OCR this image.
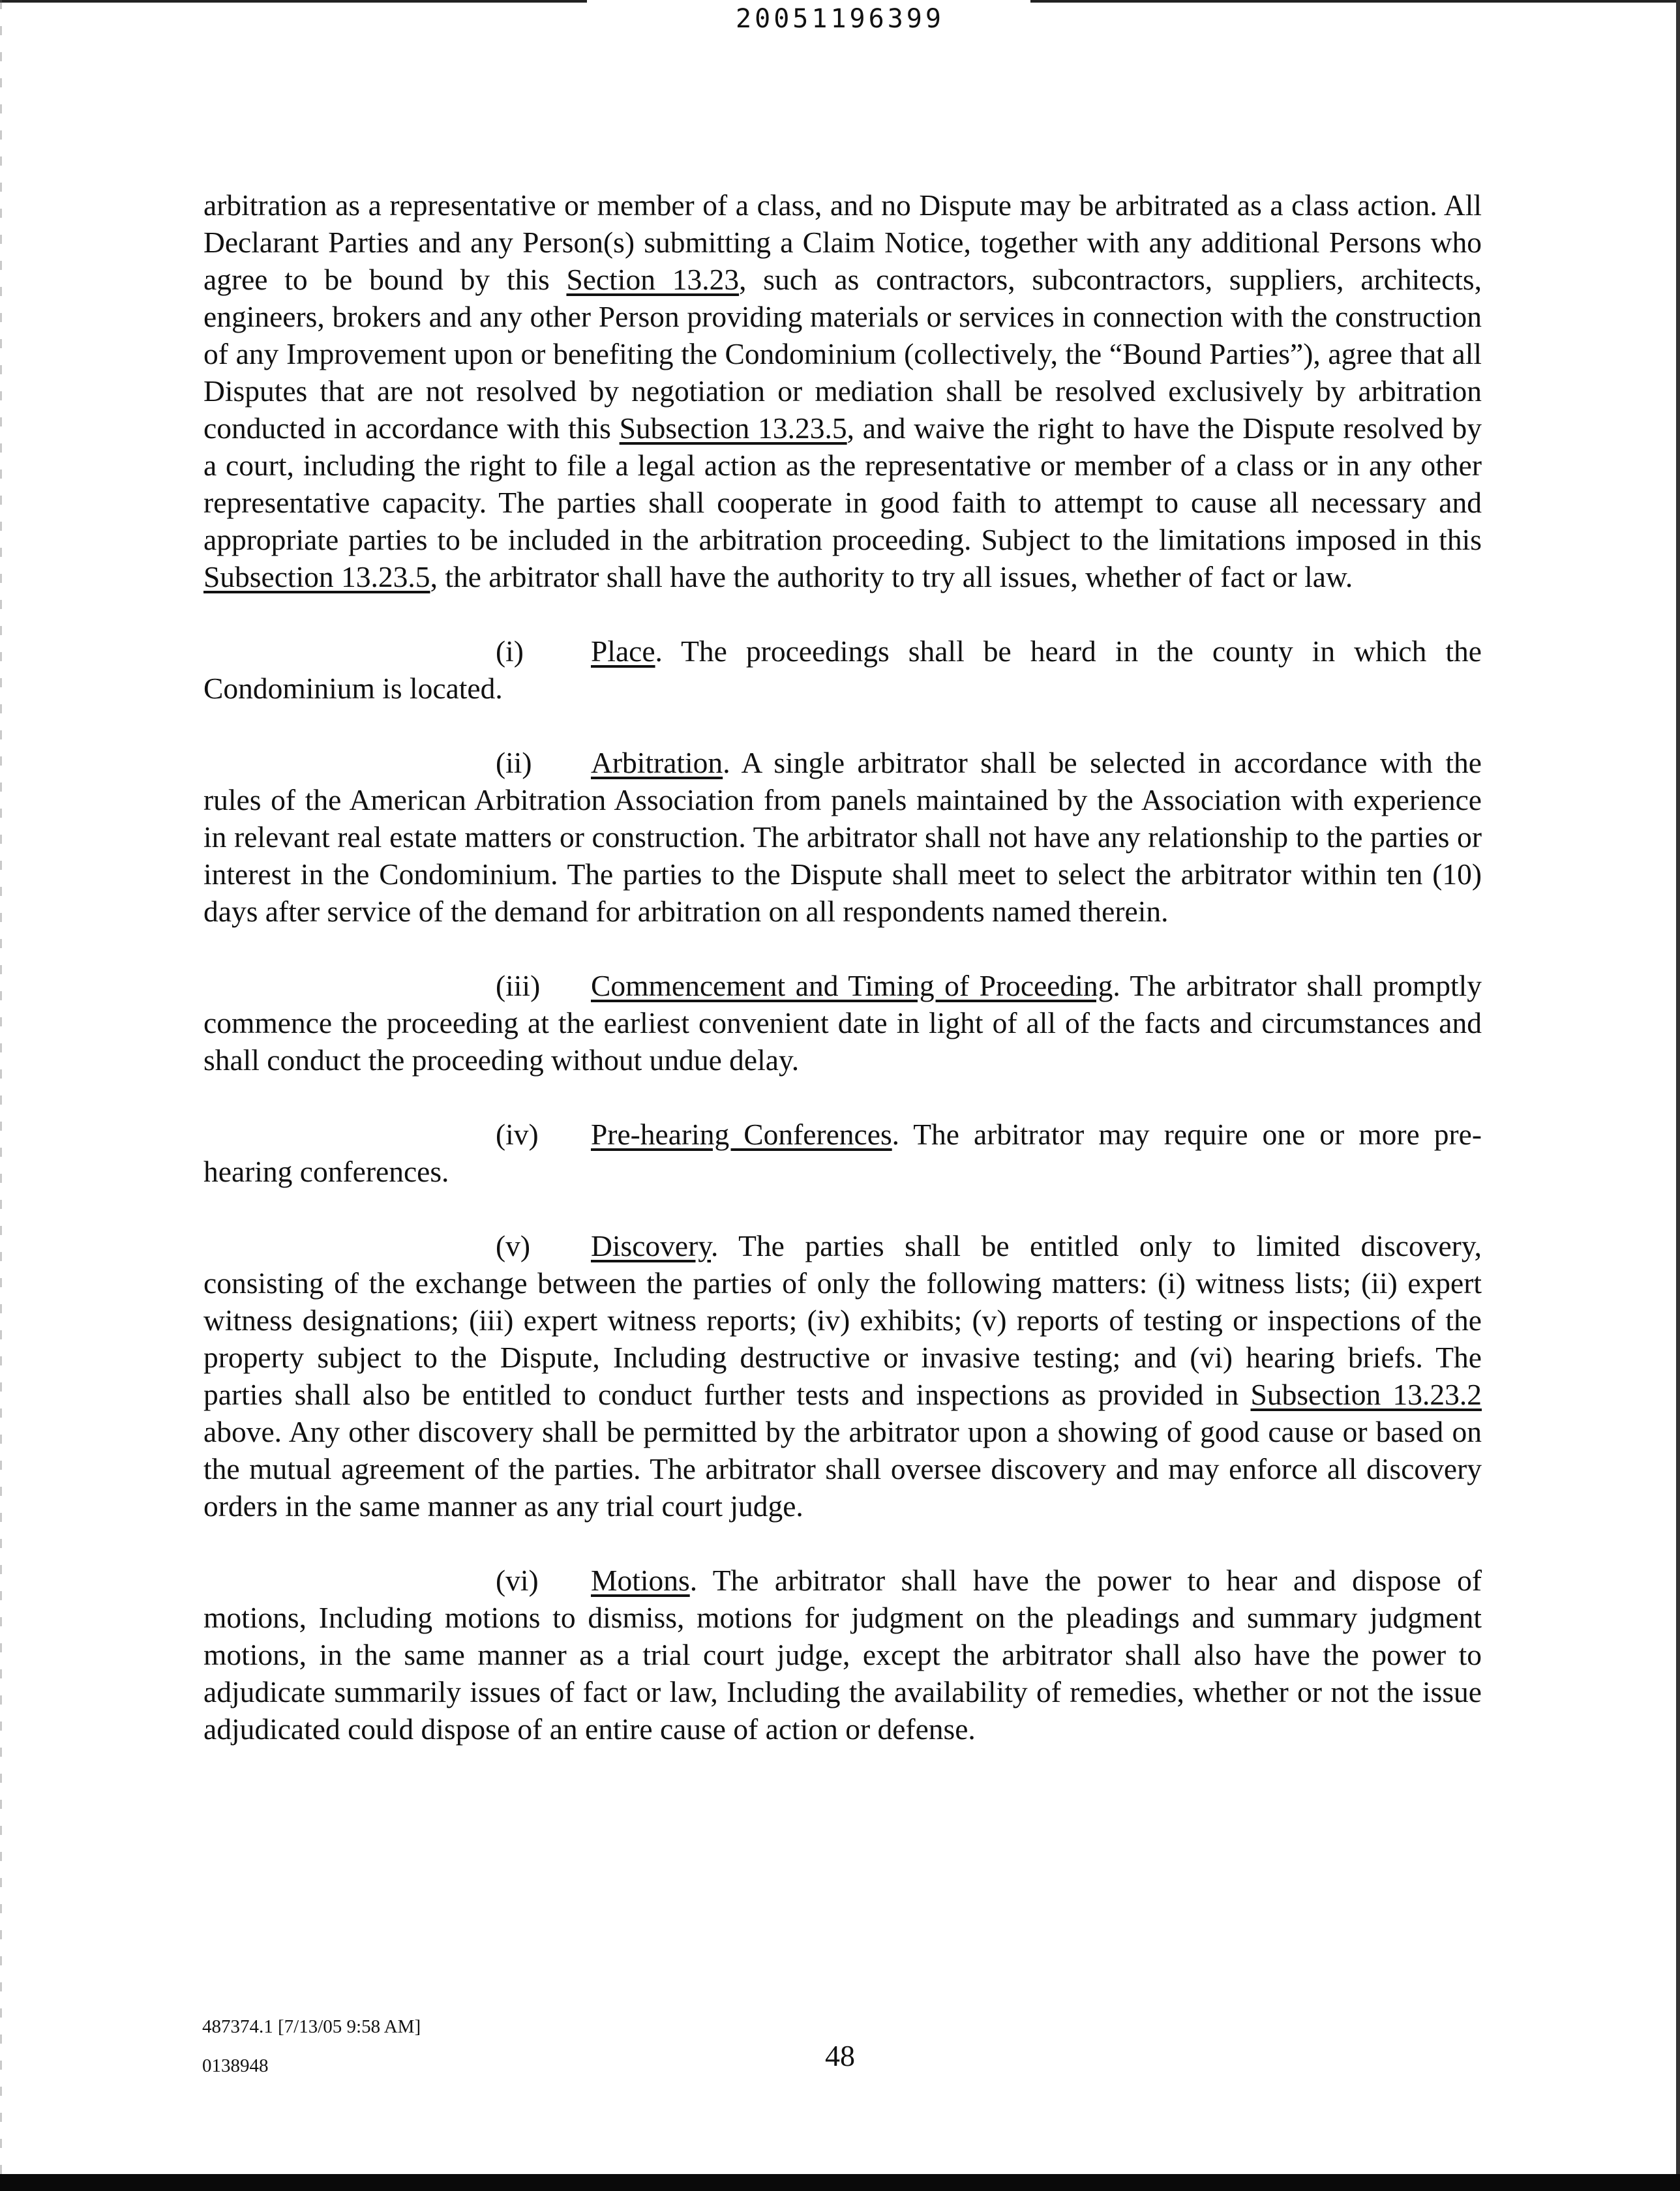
20051196399

arbitration as a representative or member of a class, and no Dispute may be arbitrated as a class action. All Declarant Parties and any Person(s) submitting a Claim Notice, together with any additional Persons who agree to be bound by this Section 13.23, such as contractors, subcontractors, suppliers, architects, engineers, brokers and any other Person providing materials or services in connection with the construction of any Improvement upon or benefiting the Condominium (collectively, the “Bound Parties”), agree that all Disputes that are not resolved by negotiation or mediation shall be resolved exclusively by arbitration conducted in accordance with this Subsection 13.23.5, and waive the right to have the Dispute resolved by a court, including the right to file a legal action as the representative or member of a class or in any other representative capacity. The parties shall cooperate in good faith to attempt to cause all necessary and appropriate parties to be included in the arbitration proceeding. Subject to the limitations imposed in this Subsection 13.23.5, the arbitrator shall have the authority to try all issues, whether of fact or law.

(i) Place. The proceedings shall be heard in the county in which the Condominium is located.

(ii) Arbitration. A single arbitrator shall be selected in accordance with the rules of the American Arbitration Association from panels maintained by the Association with experience in relevant real estate matters or construction. The arbitrator shall not have any relationship to the parties or interest in the Condominium. The parties to the Dispute shall meet to select the arbitrator within ten (10) days after service of the demand for arbitration on all respondents named therein.

(iii) Commencement and Timing of Proceeding. The arbitrator shall promptly commence the proceeding at the earliest convenient date in light of all of the facts and circumstances and shall conduct the proceeding without undue delay.

(iv) Pre-hearing Conferences. The arbitrator may require one or more pre-hearing conferences.

(v) Discovery. The parties shall be entitled only to limited discovery, consisting of the exchange between the parties of only the following matters: (i) witness lists; (ii) expert witness designations; (iii) expert witness reports; (iv) exhibits; (v) reports of testing or inspections of the property subject to the Dispute, Including destructive or invasive testing; and (vi) hearing briefs. The parties shall also be entitled to conduct further tests and inspections as provided in Subsection 13.23.2 above. Any other discovery shall be permitted by the arbitrator upon a showing of good cause or based on the mutual agreement of the parties. The arbitrator shall oversee discovery and may enforce all discovery orders in the same manner as any trial court judge.

(vi) Motions. The arbitrator shall have the power to hear and dispose of motions, Including motions to dismiss, motions for judgment on the pleadings and summary judgment motions, in the same manner as a trial court judge, except the arbitrator shall also have the power to adjudicate summarily issues of fact or law, Including the availability of remedies, whether or not the issue adjudicated could dispose of an entire cause of action or defense.

487374.1 [7/13/05 9:58 AM]
0138948	48
